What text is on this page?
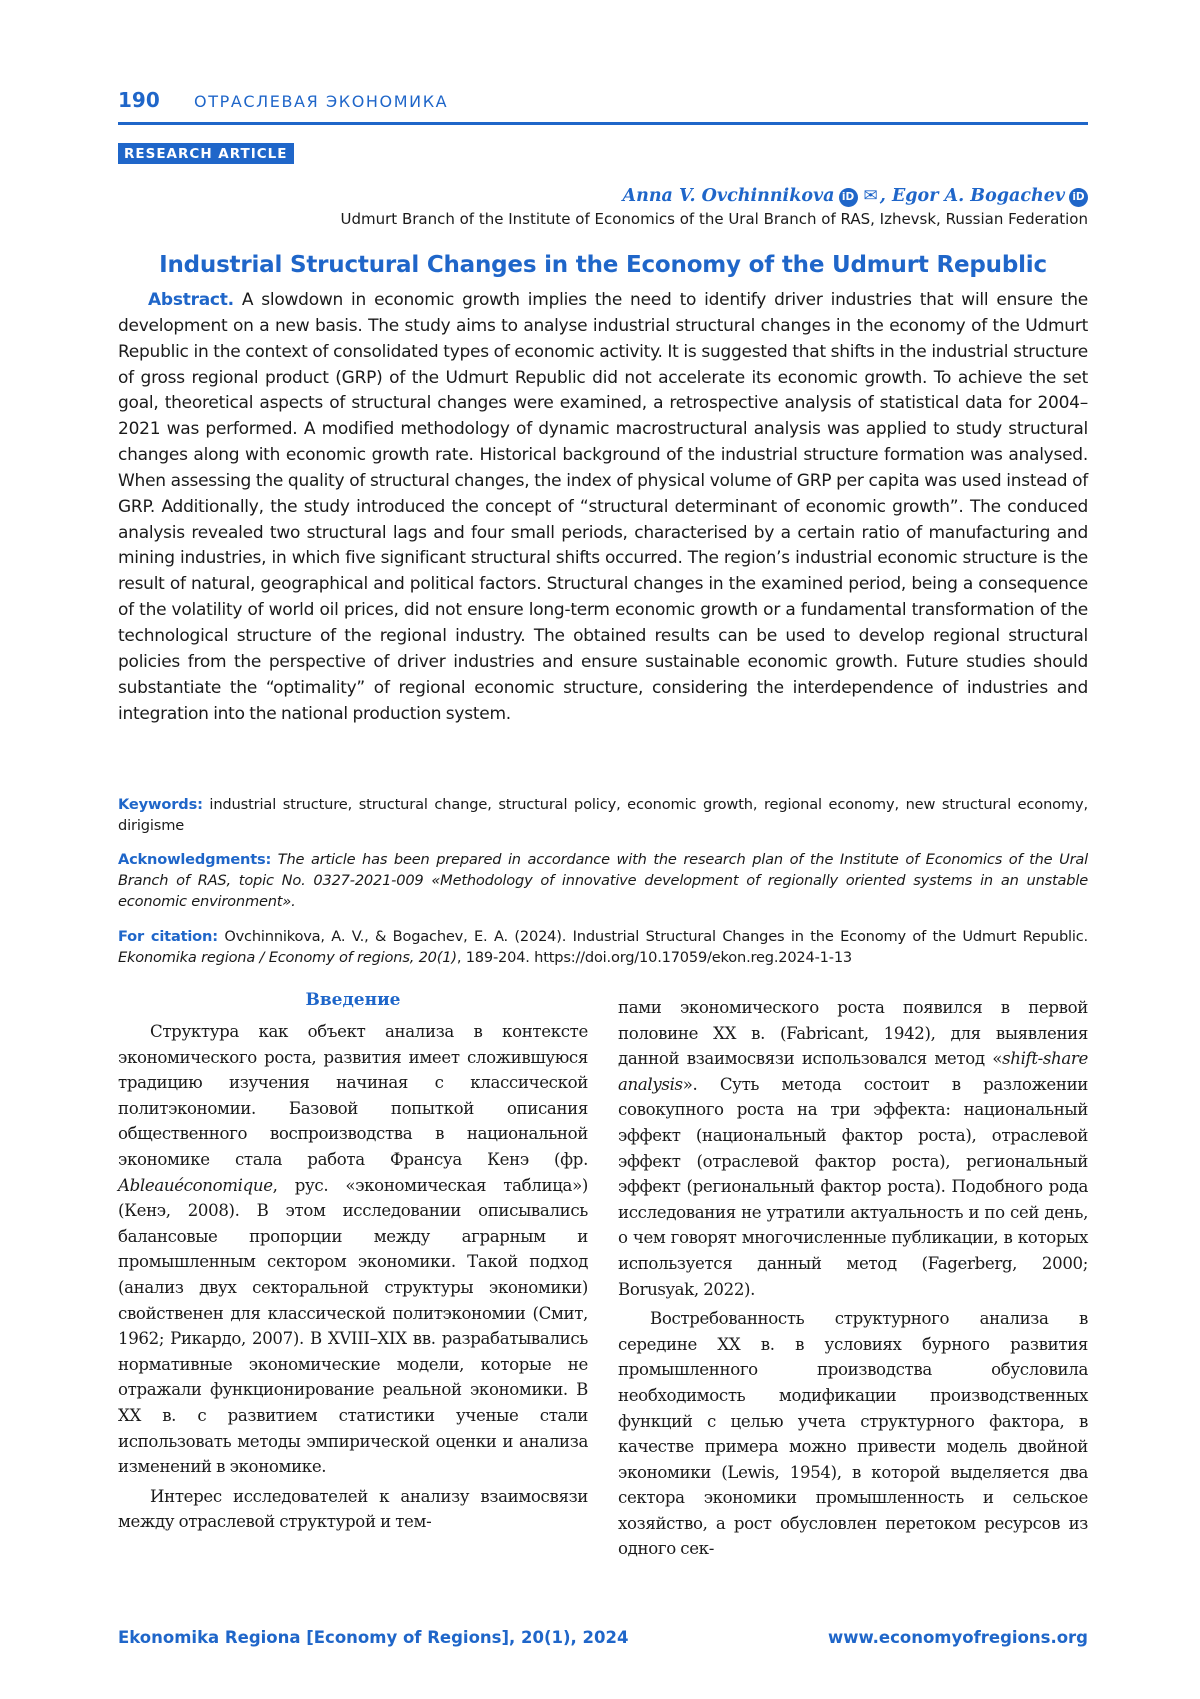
190 ОТРАСЛЕВАЯ ЭКОНОМИКА
RESEARCH ARTICLE
Anna V. Ovchinnikova iD ✉ , Egor A. Bogachev iD
Udmurt Branch of the Institute of Economics of the Ural Branch of RAS, Izhevsk, Russian Federation
Industrial Structural Changes in the Economy of the Udmurt Republic
Abstract. A slowdown in economic growth implies the need to identify driver industries that will ensure the development on a new basis. The study aims to analyse industrial structural changes in the economy of the Udmurt Republic in the context of consolidated types of economic activity. It is suggested that shifts in the industrial structure of gross regional product (GRP) of the Udmurt Republic did not accelerate its economic growth. To achieve the set goal, theoretical aspects of structural changes were examined, a retrospective analysis of statistical data for 2004–2021 was performed. A modified methodology of dynamic macrostructural analysis was applied to study structural changes along with economic growth rate. Historical background of the industrial structure formation was analysed. When assessing the quality of structural changes, the index of physical volume of GRP per capita was used instead of GRP. Additionally, the study introduced the concept of “structural determinant of economic growth”. The conduced analysis revealed two structural lags and four small periods, characterised by a certain ratio of manufacturing and mining industries, in which five significant structural shifts occurred. The region’s industrial economic structure is the result of natural, geographical and political factors. Structural changes in the examined period, being a consequence of the volatility of world oil prices, did not ensure long-term economic growth or a fundamental transformation of the technological structure of the regional industry. The obtained results can be used to develop regional structural policies from the perspective of driver industries and ensure sustainable economic growth. Future studies should substantiate the “optimality” of regional economic structure, considering the interdependence of industries and integration into the national production system.
Keywords: industrial structure, structural change, structural policy, economic growth, regional economy, new structural economy, dirigisme
Acknowledgments: The article has been prepared in accordance with the research plan of the Institute of Economics of the Ural Branch of RAS, topic No. 0327-2021-009 «Methodology of innovative development of regionally oriented systems in an unstable economic environment».
For citation: Ovchinnikova, A. V., & Bogachev, E. A. (2024). Industrial Structural Changes in the Economy of the Udmurt Republic. Ekonomika regiona / Economy of regions, 20(1), 189-204. https://doi.org/10.17059/ekon.reg.2024-1-13
Введение

Структура как объект анализа в контексте экономического роста, развития имеет сложившуюся традицию изучения начиная с классической политэкономии. Базовой попыткой описания общественного воспроизводства в национальной экономике стала работа Франсуа Кенэ (фр. Ableauéconomique, рус. «экономическая таблица») (Кенэ, 2008). В этом исследовании описывались балансовые пропорции между аграрным и промышленным сектором экономики. Такой подход (анализ двух секторальной структуры экономики) свойственен для классической политэкономии (Смит, 1962; Рикардо, 2007). В XVIII–XIX вв. разрабатывались нормативные экономические модели, которые не отражали функционирование реальной экономики. В XX в. с развитием статистики ученые стали использовать методы эмпирической оценки и анализа изменений в экономике.

Интерес исследователей к анализу взаимосвязи между отраслевой структурой и тем-

пами экономического роста появился в первой половине XX в. (Fabricant, 1942), для выявления данной взаимосвязи использовался метод «shift-share analysis». Суть метода состоит в разложении совокупного роста на три эффекта: национальный эффект (национальный фактор роста), отраслевой эффект (отраслевой фактор роста), региональный эффект (региональный фактор роста). Подобного рода исследования не утратили актуальность и по сей день, о чем говорят многочисленные публикации, в которых используется данный метод (Fagerberg, 2000; Borusyak, 2022).

Востребованность структурного анализа в середине XX в. в условиях бурного развития промышленного производства обусловила необходимость модификации производственных функций с целью учета структурного фактора, в качестве примера можно привести модель двойной экономики (Lewis, 1954), в которой выделяется два сектора экономики промышленность и сельское хозяйство, а рост обусловлен перетоком ресурсов из одного сек-

Ekonomika Regiona [Economy of Regions], 20(1), 2024	www.economyofregions.org
